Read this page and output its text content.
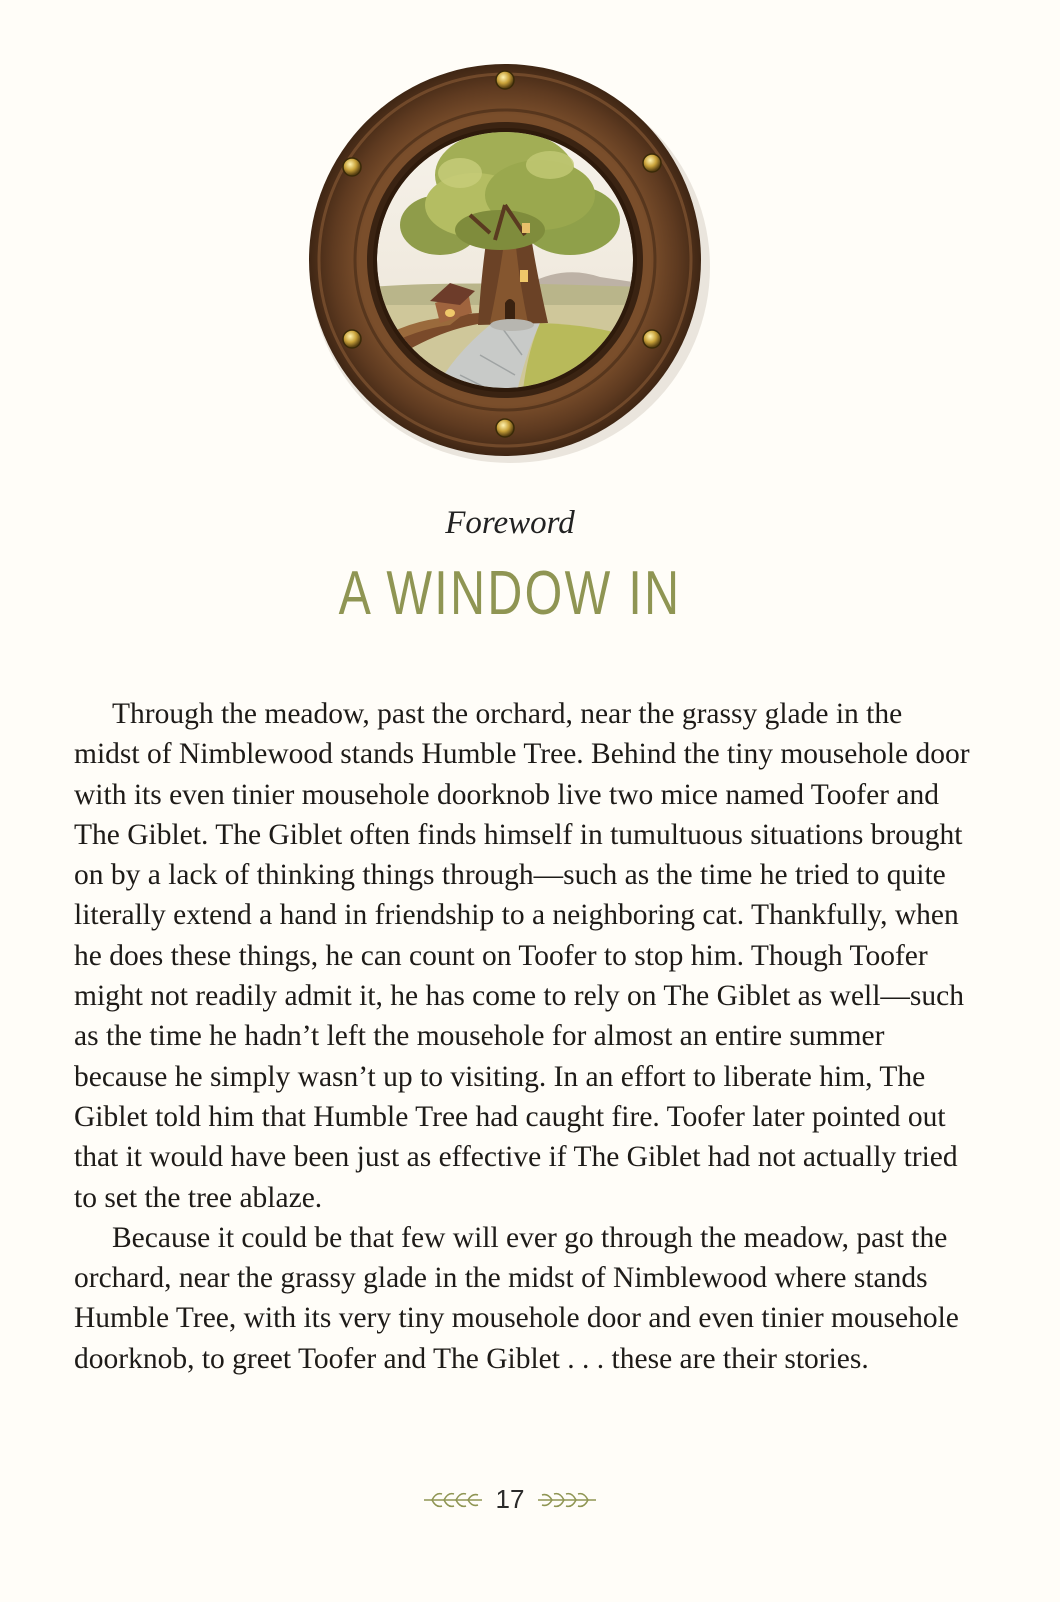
Foreword
A WINDOW IN

Through the meadow, past the orchard, near the grassy glade in the midst of Nimblewood stands Humble Tree. Behind the tiny mousehole door with its even tinier mousehole doorknob live two mice named Toofer and The Giblet. The Giblet often finds himself in tumultuous situations brought on by a lack of thinking things through—such as the time he tried to quite literally extend a hand in friendship to a neighboring cat. Thankfully, when he does these things, he can count on Toofer to stop him. Though Toofer might not readily admit it, he has come to rely on The Giblet as well—such as the time he hadn’t left the mousehole for almost an entire summer because he simply wasn’t up to visiting. In an effort to liberate him, The Giblet told him that Humble Tree had caught fire. Toofer later pointed out that it would have been just as effective if The Giblet had not actually tried to set the tree ablaze.

Because it could be that few will ever go through the meadow, past the orchard, near the grassy glade in the midst of Nimblewood where stands Humble Tree, with its very tiny mousehole door and even tinier mousehole doorknob, to greet Toofer and The Giblet . . . these are their stories.

17
